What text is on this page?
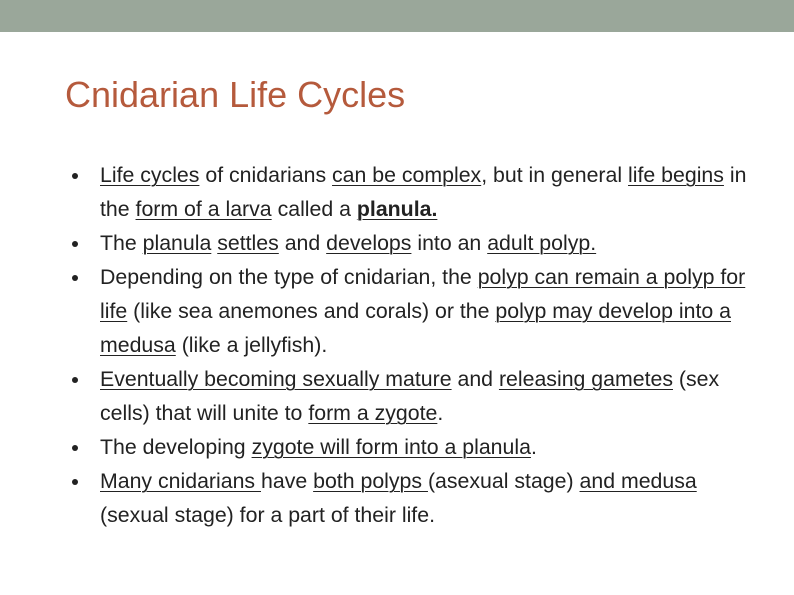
Cnidarian Life Cycles
Life cycles of cnidarians can be complex, but in general life begins in the form of a larva called a planula.
The planula settles and develops into an adult polyp.
Depending on the type of cnidarian, the polyp can remain a polyp for life (like sea anemones and corals) or the polyp may develop into a medusa (like a jellyfish).
Eventually becoming sexually mature and releasing gametes (sex cells) that will unite to form a zygote.
The developing zygote will form into a planula.
Many cnidarians have both polyps (asexual stage) and medusa (sexual stage) for a part of their life.
